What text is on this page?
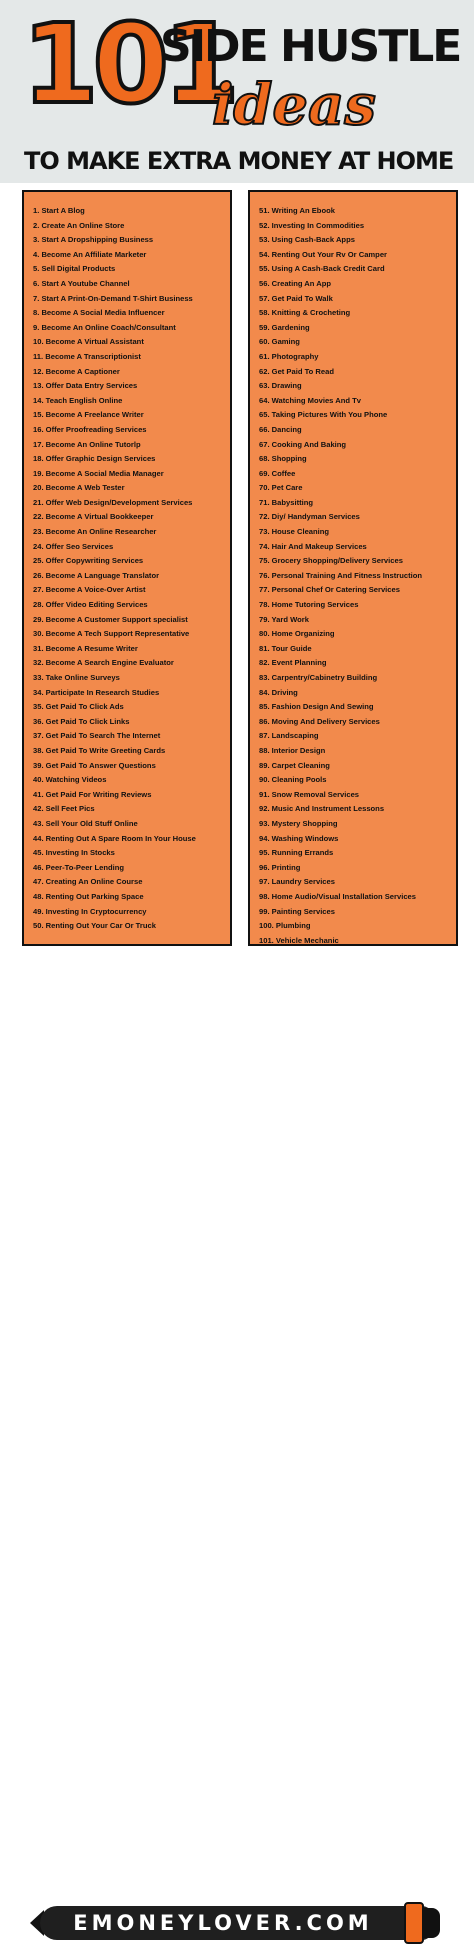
101
SIDE HUSTLE
ideas
TO MAKE EXTRA MONEY AT HOME
1. Start A Blog
2. Create An Online Store
3. Start A Dropshipping Business
4. Become An Affiliate Marketer
5. Sell Digital Products
6. Start A Youtube Channel
7. Start A Print-On-Demand T-Shirt Business
8. Become A Social Media Influencer
9. Become An Online Coach/Consultant
10. Become A Virtual Assistant
11. Become A Transcriptionist
12. Become A Captioner
13. Offer Data Entry Services
14. Teach English Online
15. Become A Freelance Writer
16. Offer Proofreading Services
17. Become An Online Tutorlp
18. Offer Graphic Design Services
19. Become A Social Media Manager
20. Become A Web Tester
21. Offer Web Design/Development Services
22. Become A Virtual Bookkeeper
23. Become An Online Researcher
24. Offer Seo Services
25. Offer Copywriting Services
26. Become A Language Translator
27. Become A Voice-Over Artist
28. Offer Video Editing Services
29. Become A Customer Support specialist
30. Become A Tech Support Representative
31. Become A Resume Writer
32. Become A Search Engine Evaluator
33. Take Online Surveys
34. Participate In Research Studies
35. Get Paid To Click Ads
36. Get Paid To Click Links
37. Get Paid To Search The Internet
38. Get Paid To Write Greeting Cards
39. Get Paid To Answer Questions
40. Watching Videos
41. Get Paid For Writing Reviews
42. Sell Feet Pics
43. Sell Your Old Stuff Online
44. Renting Out A Spare Room In Your House
45. Investing In Stocks
46. Peer-To-Peer Lending
47. Creating An Online Course
48. Renting Out Parking Space
49. Investing In Cryptocurrency
50. Renting Out Your Car Or Truck
51. Writing An Ebook
52. Investing In Commodities
53. Using Cash-Back Apps
54. Renting Out Your Rv Or Camper
55. Using A Cash-Back Credit Card
56. Creating An App
57. Get Paid To Walk
58. Knitting & Crocheting
59. Gardening
60. Gaming
61. Photography
62. Get Paid To Read
63. Drawing
64. Watching Movies And Tv
65. Taking Pictures With You Phone
66. Dancing
67. Cooking And Baking
68. Shopping
69. Coffee
70. Pet Care
71. Babysitting
72. Diy/ Handyman Services
73. House Cleaning
74. Hair And Makeup Services
75. Grocery Shopping/Delivery Services
76. Personal Training And Fitness Instruction
77. Personal Chef Or Catering Services
78. Home Tutoring Services
79. Yard Work
80. Home Organizing
81. Tour Guide
82. Event Planning
83. Carpentry/Cabinetry Building
84. Driving
85. Fashion Design And Sewing
86. Moving And Delivery Services
87. Landscaping
88. Interior Design
89. Carpet Cleaning
90. Cleaning Pools
91. Snow Removal Services
92. Music And Instrument Lessons
93. Mystery Shopping
94. Washing Windows
95. Running Errands
96. Printing
97. Laundry Services
98. Home Audio/Visual Installation Services
99. Painting Services
100. Plumbing
101. Vehicle Mechanic
EMONEYLOVER.COM
